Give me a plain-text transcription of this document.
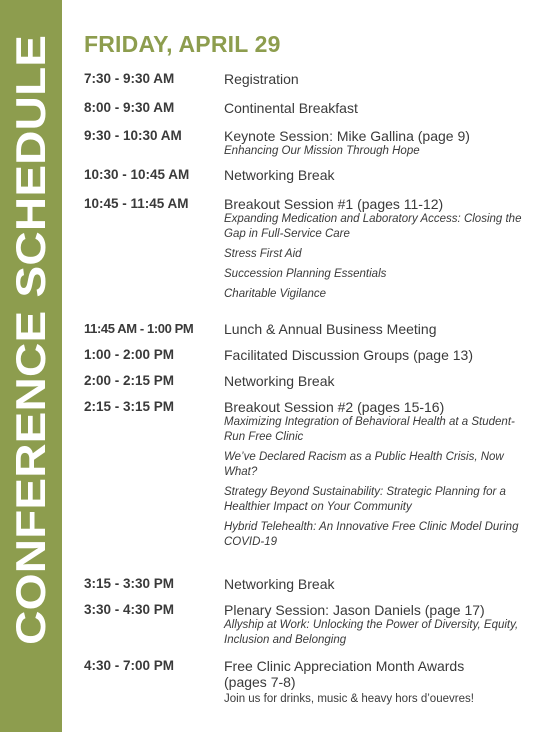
CONFERENCE SCHEDULE
FRIDAY, APRIL 29
7:30 - 9:30 AM	Registration
8:00 - 9:30 AM	Continental Breakfast
9:30 - 10:30 AM	Keynote Session: Mike Gallina (page 9)
Enhancing Our Mission Through Hope
10:30 - 10:45 AM Networking Break
10:45 - 11:45 AM	Breakout Session #1 (pages 11-12)
Expanding Medication and Laboratory Access: Closing the Gap in Full-Service Care
Stress First Aid
Succession Planning Essentials
Charitable Vigilance
11:45 AM - 1:00 PM Lunch & Annual Business Meeting
1:00 - 2:00 PM	Facilitated Discussion Groups (page 13)
2:00 - 2:15 PM	Networking Break
2:15 - 3:15 PM	Breakout Session #2 (pages 15-16)
Maximizing Integration of Behavioral Health at a Student-Run Free Clinic
We’ve Declared Racism as a Public Health Crisis, Now What?
Strategy Beyond Sustainability: Strategic Planning for a Healthier Impact on Your Community
Hybrid Telehealth: An Innovative Free Clinic Model During COVID-19
3:15 - 3:30 PM	Networking Break
3:30 - 4:30 PM	Plenary Session: Jason Daniels (page 17)
Allyship at Work: Unlocking the Power of Diversity, Equity, Inclusion and Belonging
4:30 - 7:00 PM	Free Clinic Appreciation Month Awards (pages 7-8)
Join us for drinks, music & heavy hors d’ouevres!
